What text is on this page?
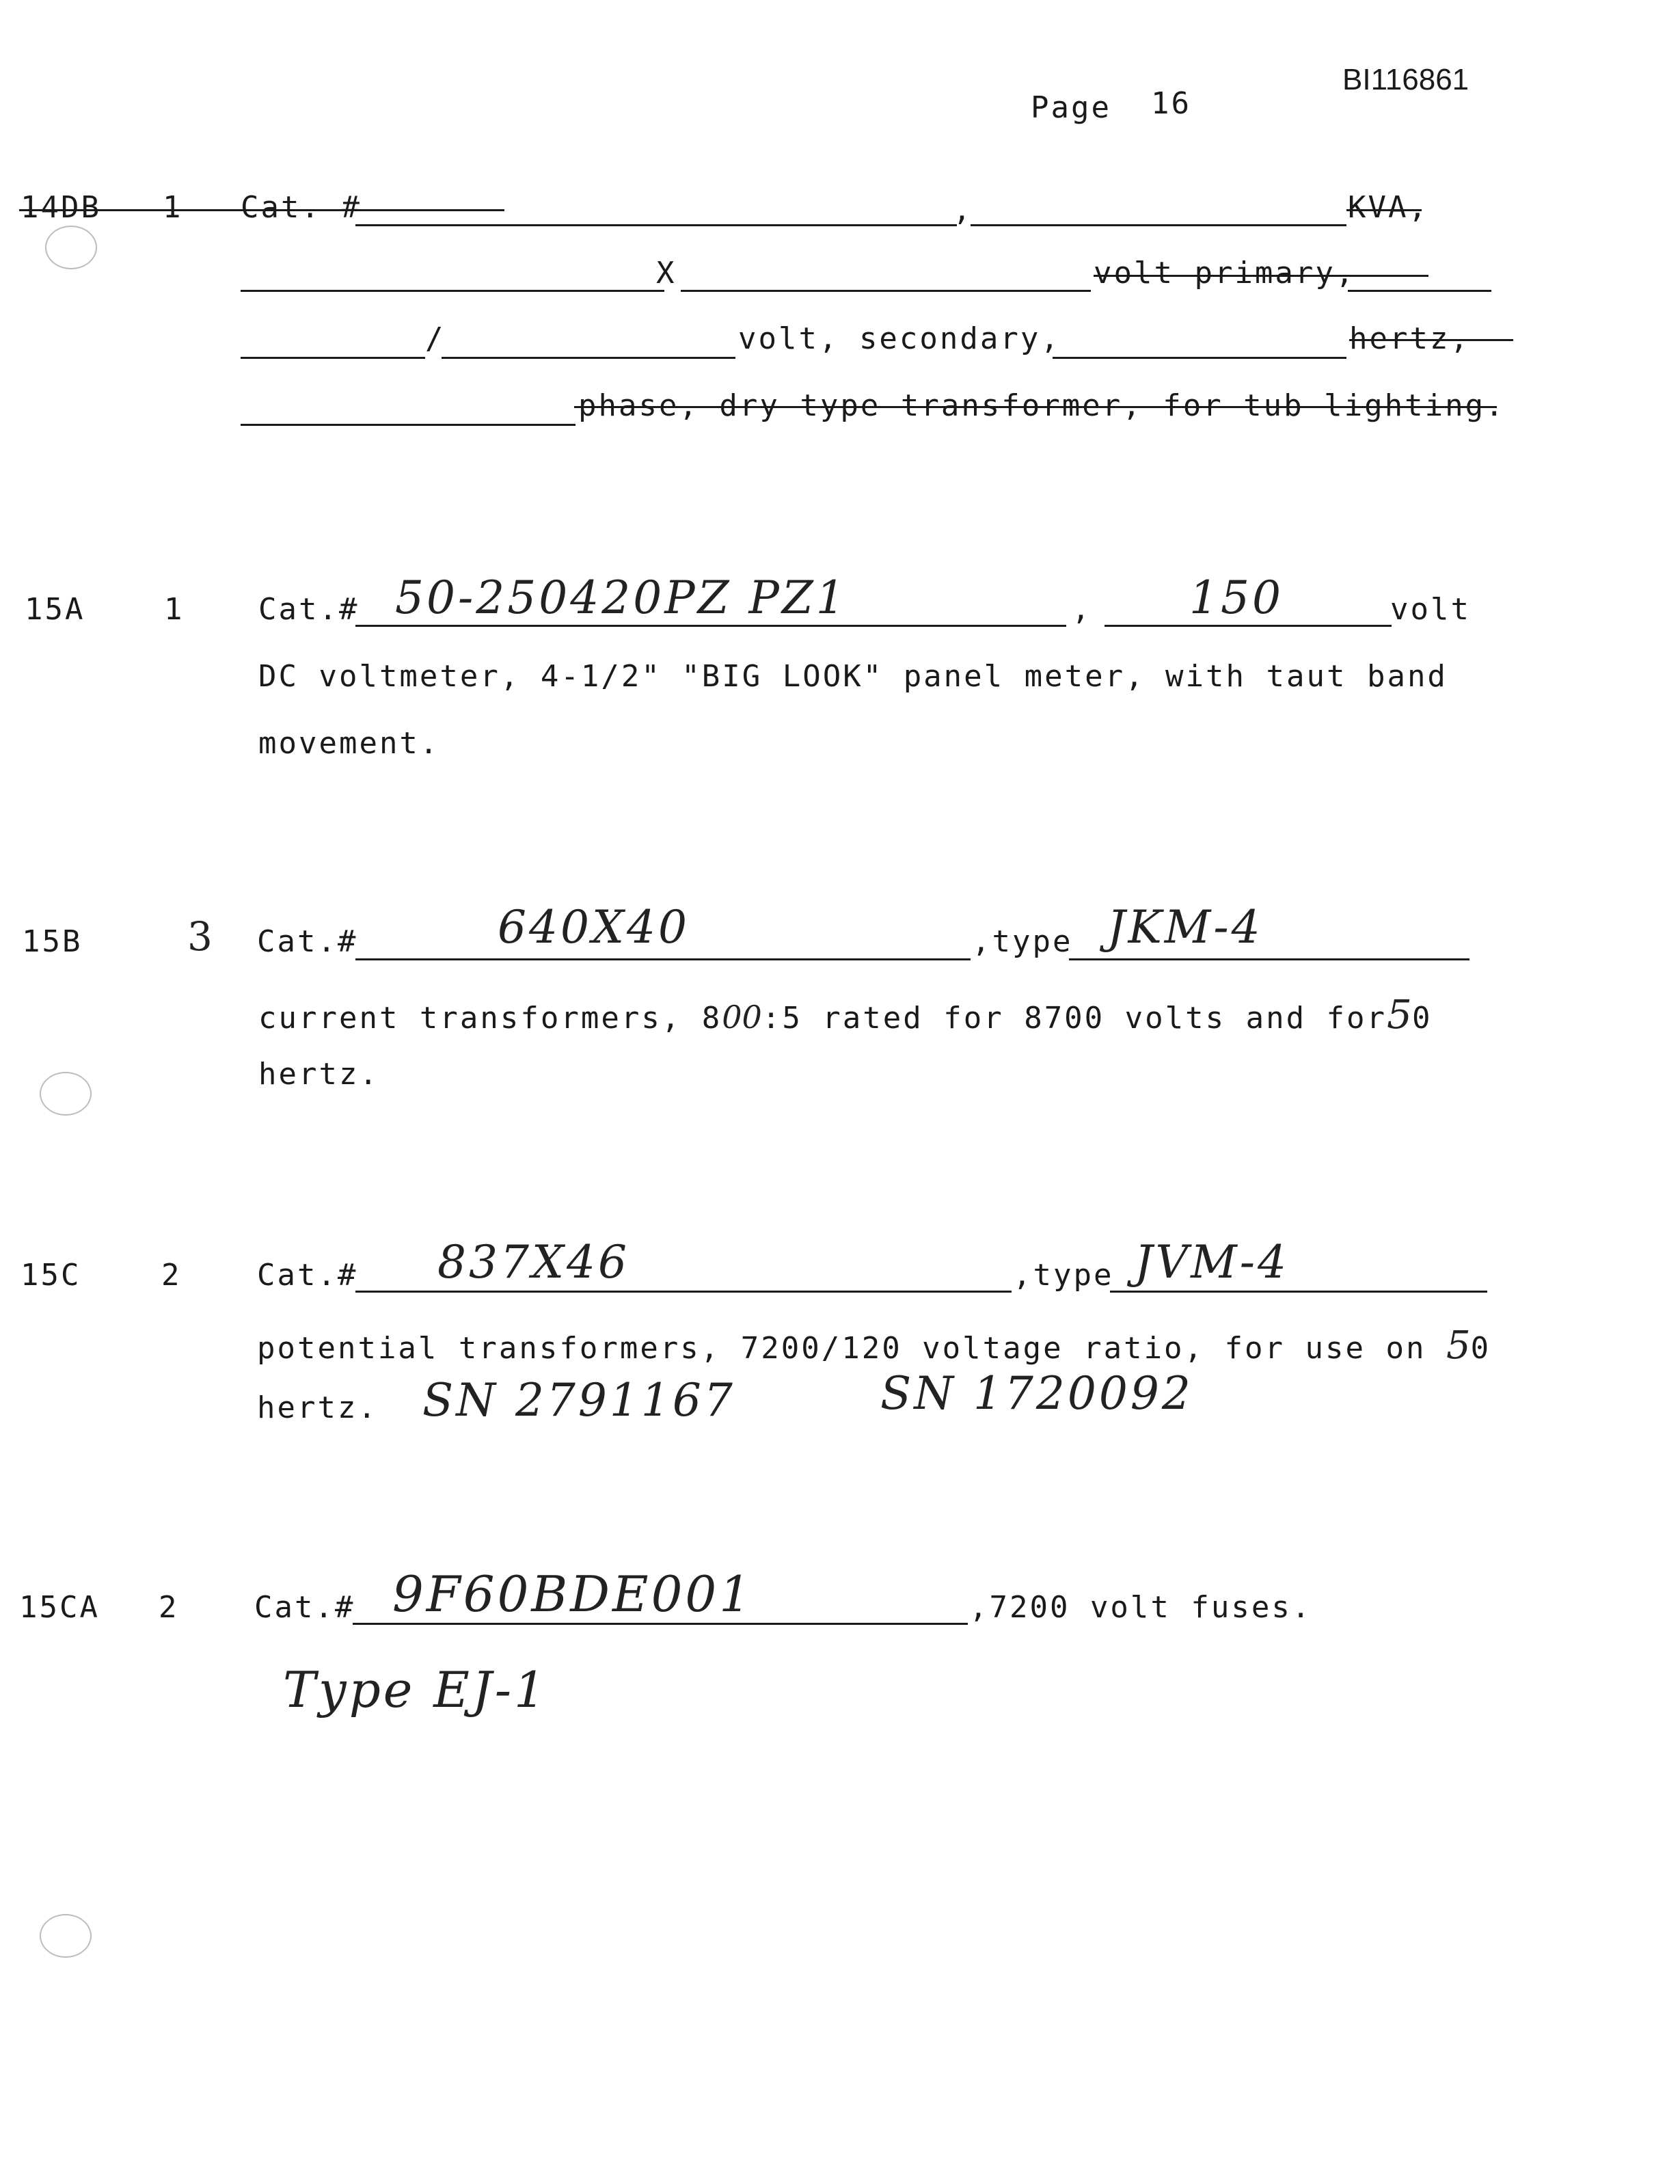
BI116861
Page 16
14DB 1 Cat. #	,	KVA,
X	volt primary,
/	volt, secondary,	hertz,
phase, dry type transformer, for tub lighting.
15A	1 Cat.# 50-250420PZ PZ1	, 150	volt
DC voltmeter, 4-1/2" "BIG LOOK" panel meter, with taut band
movement.
15B	3 Cat.#	640X40	,type JKM-4
current transformers, 800:5 rated for 8700 volts and for50
hertz.
15C	2	Cat.# 837X46	,type JVM-4
potential transformers, 7200/120 voltage ratio, for use on 50
hertz. SN 2791167	SN 1720092
15CA 2	Cat.# 9F60BDE001	,7200 volt fuses.
Type EJ-1
